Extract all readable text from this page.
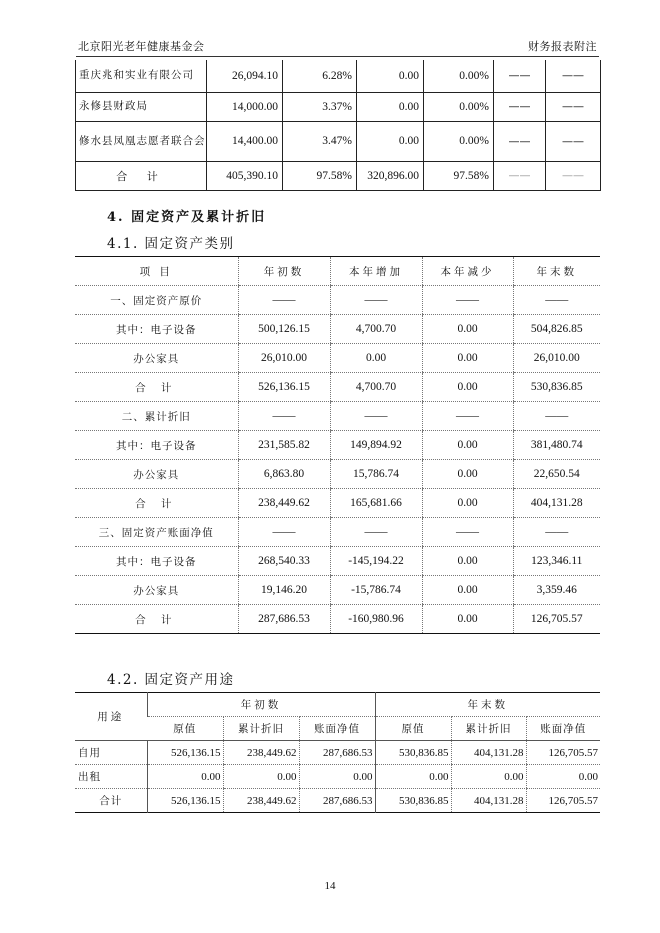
北京阳光老年健康基金会	财务报表附注
重庆兆和实业有限公司	26,094.10	6.28%	0.00	0.00%	——	——
永修县财政局	14,000.00	3.37%	0.00	0.00%	——	——
修水县凤凰志愿者联合会	14,400.00	3.47%	0.00	0.00%	——	——
合 计	405,390.10	97.58%	320,896.00	97.58%	——	——
4. 固定资产及累计折旧
4.1. 固定资产类别
项 目	年初数	本年增加	本年减少	年末数
一、固定资产原价	——	——	——	——
其中：电子设备	500,126.15	4,700.70	0.00	504,826.85
办公家具	26,010.00	0.00	0.00	26,010.00
合 计	526,136.15	4,700.70	0.00	530,836.85
二、累计折旧	——	——	——	——
其中：电子设备	231,585.82	149,894.92	0.00	381,480.74
办公家具	6,863.80	15,786.74	0.00	22,650.54
合 计	238,449.62	165,681.66	0.00	404,131.28
三、固定资产账面净值	——	——	——	——
其中：电子设备	268,540.33	-145,194.22	0.00	123,346.11
办公家具	19,146.20	-15,786.74	0.00	3,359.46
合 计	287,686.53	-160,980.96	0.00	126,705.57
4.2. 固定资产用途
用途	年初数			年末数		
	原值	累计折旧	账面净值	原值	累计折旧	账面净值
自用	526,136.15	238,449.62	287,686.53	530,836.85	404,131.28	126,705.57
出租	0.00	0.00	0.00	0.00	0.00	0.00
合计	526,136.15	238,449.62	287,686.53	530,836.85	404,131.28	126,705.57
14
